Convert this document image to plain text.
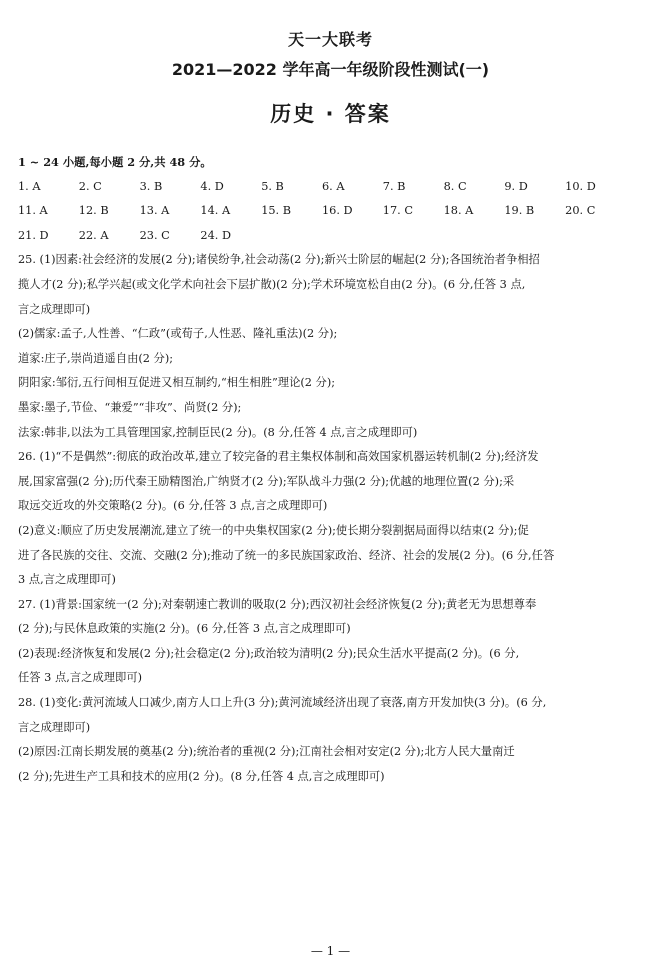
天一大联考
2021—2022 学年高一年级阶段性测试(一)
历史 · 答案
1 ~ 24 小题,每小题 2 分,共 48 分。
1. A	2. C	3. B	4. D	5. B	6. A	7. B	8. C	9. D	10. D
11. A	12. B	13. A	14. A	15. B	16. D	17. C	18. A	19. B	20. C
21. D	22. A	23. C	24. D
25. (1)因素:社会经济的发展(2 分);诸侯纷争,社会动荡(2 分);新兴士阶层的崛起(2 分);各国统治者争相招
揽人才(2 分);私学兴起(或文化学术向社会下层扩散)(2 分);学术环境宽松自由(2 分)。(6 分,任答 3 点,
言之成理即可)
(2)儒家:孟子,人性善、“仁政”(或荀子,人性恶、隆礼重法)(2 分);
道家:庄子,崇尚逍遥自由(2 分);
阴阳家:邹衍,五行间相互促进又相互制约,“相生相胜”理论(2 分);
墨家:墨子,节俭、“兼爱”“非攻”、尚贤(2 分);
法家:韩非,以法为工具管理国家,控制臣民(2 分)。(8 分,任答 4 点,言之成理即可)
26. (1)“不是偶然”:彻底的政治改革,建立了较完备的君主集权体制和高效国家机器运转机制(2 分);经济发
展,国家富强(2 分);历代秦王励精图治,广纳贤才(2 分);军队战斗力强(2 分);优越的地理位置(2 分);采
取远交近攻的外交策略(2 分)。(6 分,任答 3 点,言之成理即可)
(2)意义:顺应了历史发展潮流,建立了统一的中央集权国家(2 分);使长期分裂割据局面得以结束(2 分);促
进了各民族的交往、交流、交融(2 分);推动了统一的多民族国家政治、经济、社会的发展(2 分)。(6 分,任答
3 点,言之成理即可)
27. (1)背景:国家统一(2 分);对秦朝速亡教训的吸取(2 分);西汉初社会经济恢复(2 分);黄老无为思想尊奉
(2 分);与民休息政策的实施(2 分)。(6 分,任答 3 点,言之成理即可)
(2)表现:经济恢复和发展(2 分);社会稳定(2 分);政治较为清明(2 分);民众生活水平提高(2 分)。(6 分,
任答 3 点,言之成理即可)
28. (1)变化:黄河流域人口减少,南方人口上升(3 分);黄河流域经济出现了衰落,南方开发加快(3 分)。(6 分,
言之成理即可)
(2)原因:江南长期发展的奠基(2 分);统治者的重视(2 分);江南社会相对安定(2 分);北方人民大量南迁
(2 分);先进生产工具和技术的应用(2 分)。(8 分,任答 4 点,言之成理即可)
— 1 —
